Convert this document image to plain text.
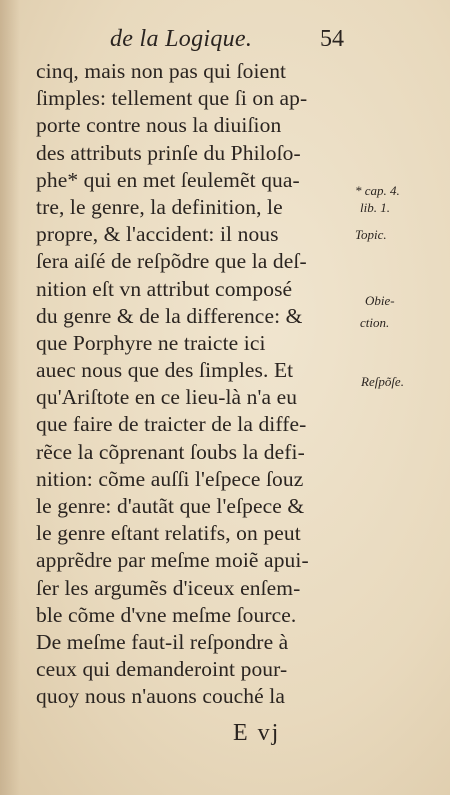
de la Logique.	54
cinq, mais non pas qui ſoient
ſimples: tellement que ſi on ap-
porte contre nous la diuiſion
des attributs prinſe du Philoſo-
phe* qui en met ſeulemẽt qua-
tre, le genre, la definition, le
propre, & l'accident: il nous
ſera aiſé de reſpõdre que la deſ-
nition eſt vn attribut composé
du genre & de la difference: &
que Porphyre ne traicte ici
auec nous que des ſimples. Et
qu'Ariſtote en ce lieu-là n'a eu
que faire de traicter de la diffe-
rẽce la cõprenant ſoubs la defi-
nition: cõme auſſi l'eſpece ſouz
le genre: d'autãt que l'eſpece &
le genre eſtant relatifs, on peut
apprẽdre par meſme moiẽ apui-
ſer les argumẽs d'iceux enſem-
ble cõme d'vne meſme ſource.
De meſme faut-il reſpondre à
ceux qui demanderoint pour-
quoy nous n'auons couché la
* cap. 4.
lib. 1.
Topic.
Obie-
ction.
Reſpõſe.
E vj
